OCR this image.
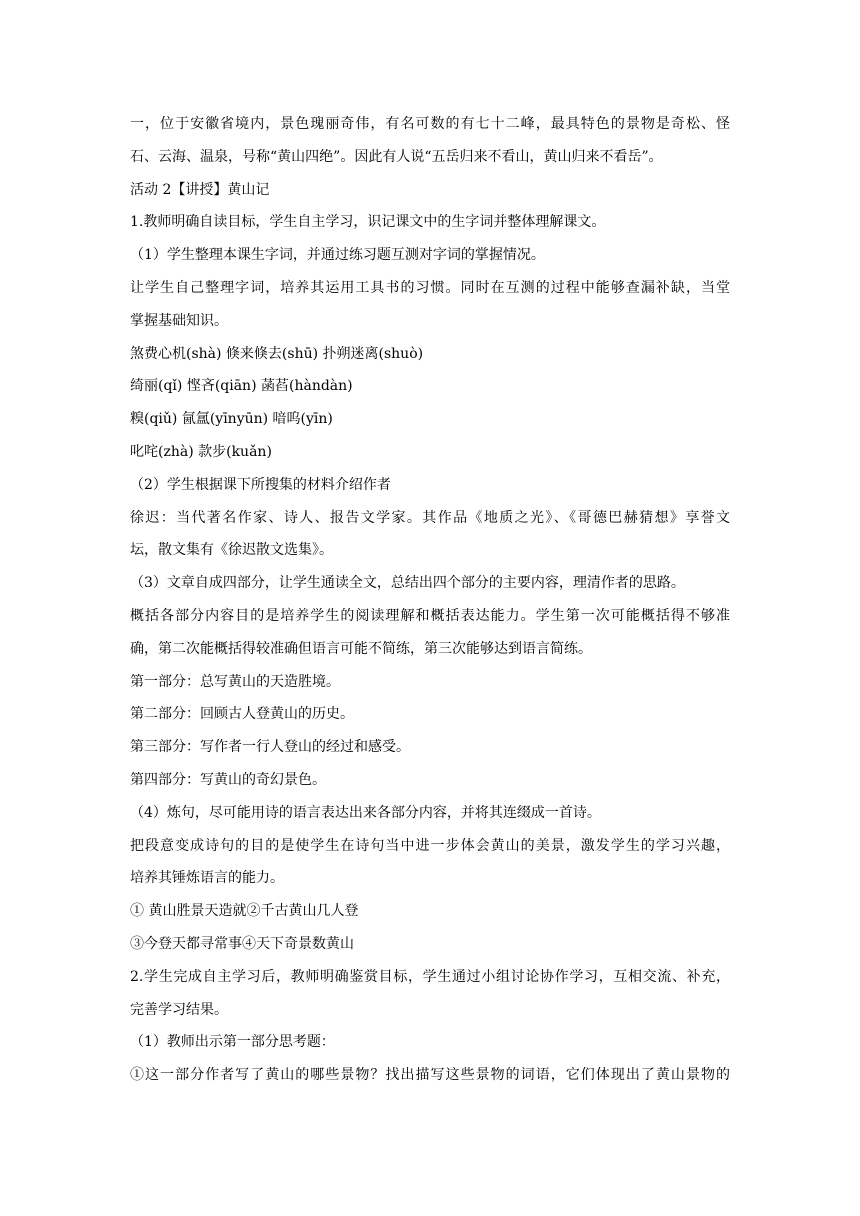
一，位于安徽省境内，景色瑰丽奇伟，有名可数的有七十二峰，最具特色的景物是奇松、怪
石、云海、温泉，号称“黄山四绝”。因此有人说“五岳归来不看山，黄山归来不看岳”。
活动 2【讲授】黄山记
1.教师明确自读目标，学生自主学习，识记课文中的生字词并整体理解课文。
（1）学生整理本课生字词，并通过练习题互测对字词的掌握情况。
让学生自己整理字词，培养其运用工具书的习惯。同时在互测的过程中能够查漏补缺，当堂
掌握基础知识。
煞费心机(shà) 倏来倏去(shū) 扑朔迷离(shuò)
绮丽(qǐ) 悭吝(qiān) 菡萏(hàndàn)
糗(qiǔ) 氤氲(yīnyūn) 喑呜(yīn)
叱咤(zhà) 款步(kuǎn)
（2）学生根据课下所搜集的材料介绍作者
徐迟：当代著名作家、诗人、报告文学家。其作品《地质之光》、《哥德巴赫猜想》享誉文
坛，散文集有《徐迟散文选集》。
（3）文章自成四部分，让学生通读全文，总结出四个部分的主要内容，理清作者的思路。
概括各部分内容目的是培养学生的阅读理解和概括表达能力。学生第一次可能概括得不够准
确，第二次能概括得较准确但语言可能不简练，第三次能够达到语言简练。
第一部分：总写黄山的天造胜境。
第二部分：回顾古人登黄山的历史。
第三部分：写作者一行人登山的经过和感受。
第四部分：写黄山的奇幻景色。
（4）炼句，尽可能用诗的语言表达出来各部分内容，并将其连缀成一首诗。
把段意变成诗句的目的是使学生在诗句当中进一步体会黄山的美景，激发学生的学习兴趣，
培养其锤炼语言的能力。
① 黄山胜景天造就②千古黄山几人登
③今登天都寻常事④天下奇景数黄山
2.学生完成自主学习后，教师明确鉴赏目标，学生通过小组讨论协作学习，互相交流、补充，
完善学习结果。
（1）教师出示第一部分思考题：
①这一部分作者写了黄山的哪些景物？找出描写这些景物的词语，它们体现出了黄山景物的
